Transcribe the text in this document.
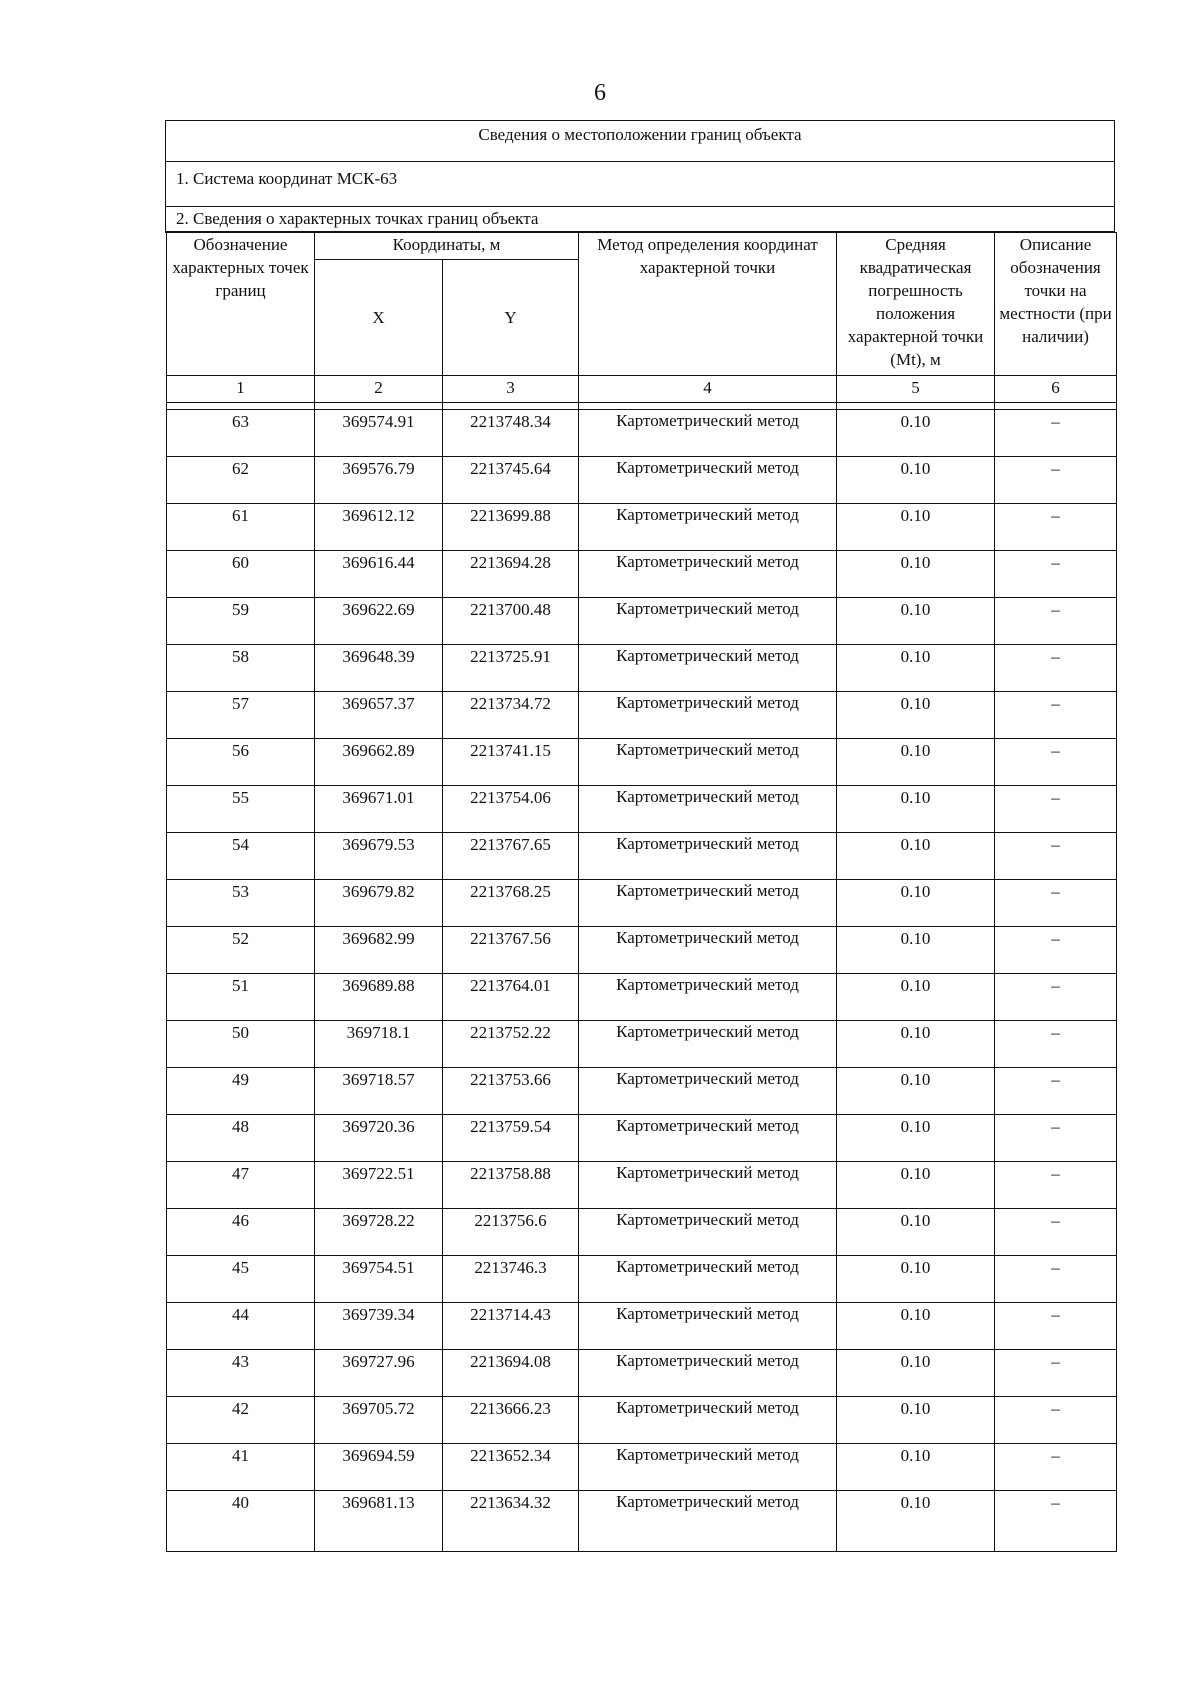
6
Сведения о местоположении границ объекта
1. Система координат МСК-63
2. Сведения о характерных точках границ объекта
Обозначение характерных точек границ	Координаты, м		Метод определения координат характерной точки	Средняя квадратическая погрешность положения характерной точки (Mt), м	Описание обозначения точки на местности (при наличии)
	X	Y			
1	2	3	4	5	6

63	369574.91	2213748.34	Картометрический метод	0.10	–
62	369576.79	2213745.64	Картометрический метод	0.10	–
61	369612.12	2213699.88	Картометрический метод	0.10	–
60	369616.44	2213694.28	Картометрический метод	0.10	–
59	369622.69	2213700.48	Картометрический метод	0.10	–
58	369648.39	2213725.91	Картометрический метод	0.10	–
57	369657.37	2213734.72	Картометрический метод	0.10	–
56	369662.89	2213741.15	Картометрический метод	0.10	–
55	369671.01	2213754.06	Картометрический метод	0.10	–
54	369679.53	2213767.65	Картометрический метод	0.10	–
53	369679.82	2213768.25	Картометрический метод	0.10	–
52	369682.99	2213767.56	Картометрический метод	0.10	–
51	369689.88	2213764.01	Картометрический метод	0.10	–
50	369718.1	2213752.22	Картометрический метод	0.10	–
49	369718.57	2213753.66	Картометрический метод	0.10	–
48	369720.36	2213759.54	Картометрический метод	0.10	–
47	369722.51	2213758.88	Картометрический метод	0.10	–
46	369728.22	2213756.6	Картометрический метод	0.10	–
45	369754.51	2213746.3	Картометрический метод	0.10	–
44	369739.34	2213714.43	Картометрический метод	0.10	–
43	369727.96	2213694.08	Картометрический метод	0.10	–
42	369705.72	2213666.23	Картометрический метод	0.10	–
41	369694.59	2213652.34	Картометрический метод	0.10	–
40	369681.13	2213634.32	Картометрический метод	0.10	–
